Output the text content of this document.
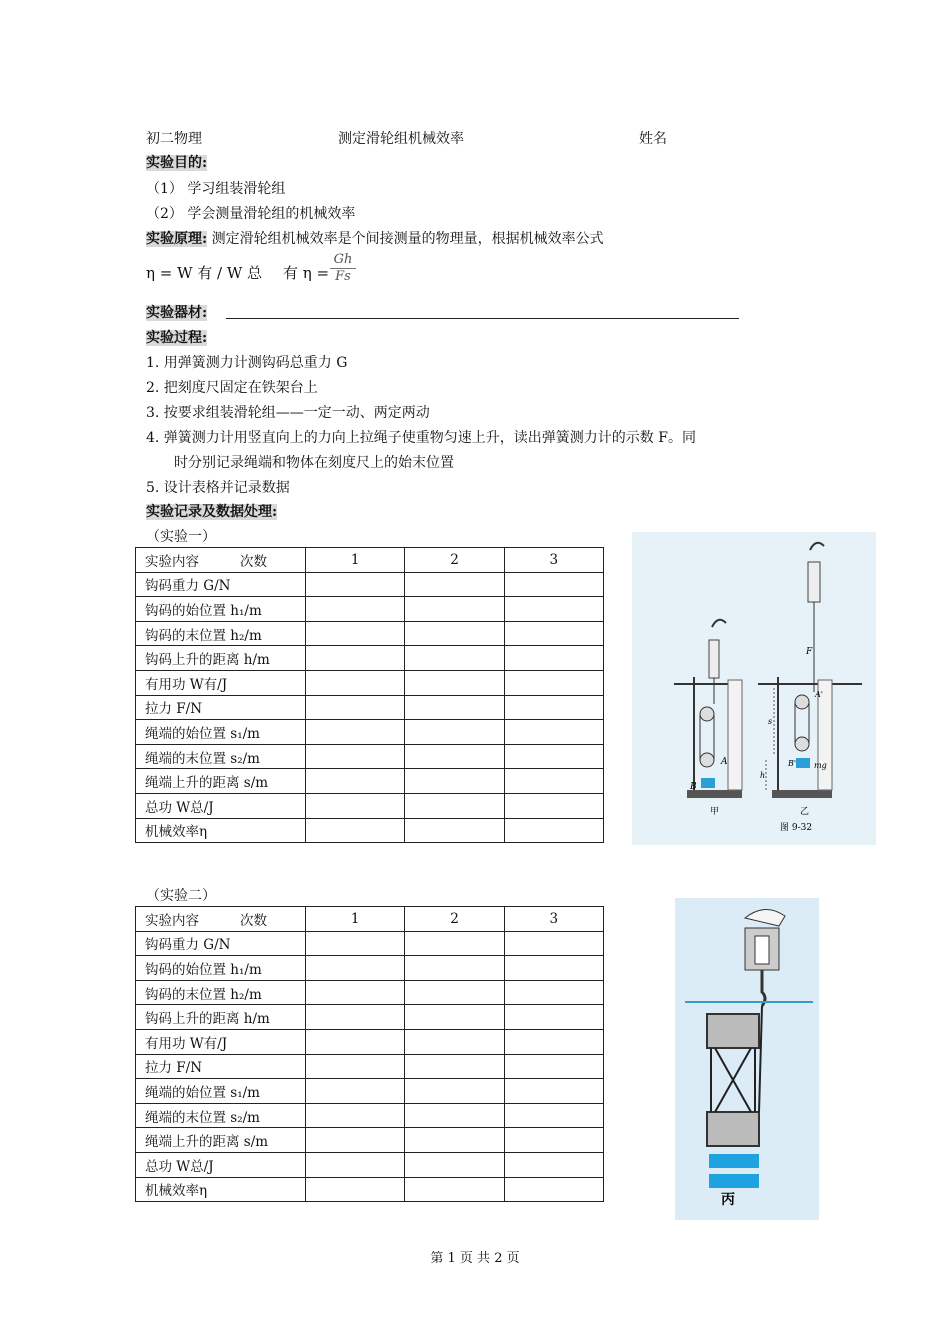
初二物理	测定滑轮组机械效率	姓名
实验目的:
（1） 学习组装滑轮组
（2） 学会测量滑轮组的机械效率
实验原理: 测定滑轮组机械效率是个间接测量的物理量，根据机械效率公式
η = W 有 / W 总 有 $\eta = \frac{Gh}{Fs}$
实验器材:
实验过程:
1. 用弹簧测力计测钩码总重力 G
2. 把刻度尺固定在铁架台上
3. 按要求组装滑轮组——一定一动、两定两动
4. 弹簧测力计用竖直向上的力向上拉绳子使重物匀速上升，读出弹簧测力计的示数 F。同
时分别记录绳端和物体在刻度尺上的始末位置
5. 设计表格并记录数据
实验记录及数据处理:
（实验一）
实验内容 次数	1	2	3
钩码重力 G/N			
钩码的始位置 h₁/m			
钩码的末位置 h₂/m			
钩码上升的距离 h/m			
有用功 W有/J			
拉力 F/N			
绳端的始位置 s₁/m			
绳端的末位置 s₂/m			
绳端上升的距离 s/m			
总功 W总/J			
机械效率η			
（实验二）
实验内容 次数	1	2	3
钩码重力 G/N			
钩码的始位置 h₁/m			
钩码的末位置 h₂/m			
钩码上升的距离 h/m			
有用功 W有/J			
拉力 F/N			
绳端的始位置 s₁/m			
绳端的末位置 s₂/m			
绳端上升的距离 s/m			
总功 W总/J			
机械效率η			
A
B
甲
F
mg
A'
B'
s
h
乙
图 9-32
丙
第 1 页 共 2 页
